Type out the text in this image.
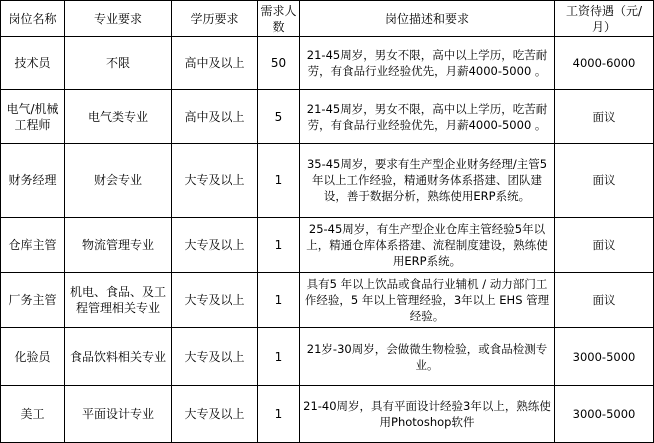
岗位名称	专业要求	学历要求	需求人数	岗位描述和要求	工资待遇（元/月）
技术员	不限	高中及以上	50	21-45周岁，男女不限，高中以上学历，吃苦耐劳，有食品行业经验优先，月薪4000-5000 。	4000-6000
电气/机械工程师	电气类专业	高中及以上	5	21-45周岁，男女不限，高中以上学历，吃苦耐劳，有食品行业经验优先，月薪4000-5000 。	面议
财务经理	财会专业	大专及以上	1	35-45周岁，要求有生产型企业财务经理/主管5年以上工作经验，精通财务体系搭建、团队建设，善于数据分析，熟练使用ERP系统。	面议
仓库主管	物流管理专业	大专及以上	1	25-45周岁，有生产型企业仓库主管经验5年以上，精通仓库体系搭建、流程制度建设，熟练使用ERP系统。	面议
厂务主管	机电、食品、及工程管理相关专业	大专及以上	1	具有5 年以上饮品或食品行业辅机 / 动力部门工作经验，5 年以上管理经验，3年以上 EHS 管理经验。	面议
化验员	食品饮料相关专业	大专及以上	1	21岁-30周岁，会做微生物检验，或食品检测专业。	3000-5000
美工	平面设计专业	大专及以上	1	21-40周岁，具有平面设计经验3年以上，熟练使用Photoshop软件	3000-5000
